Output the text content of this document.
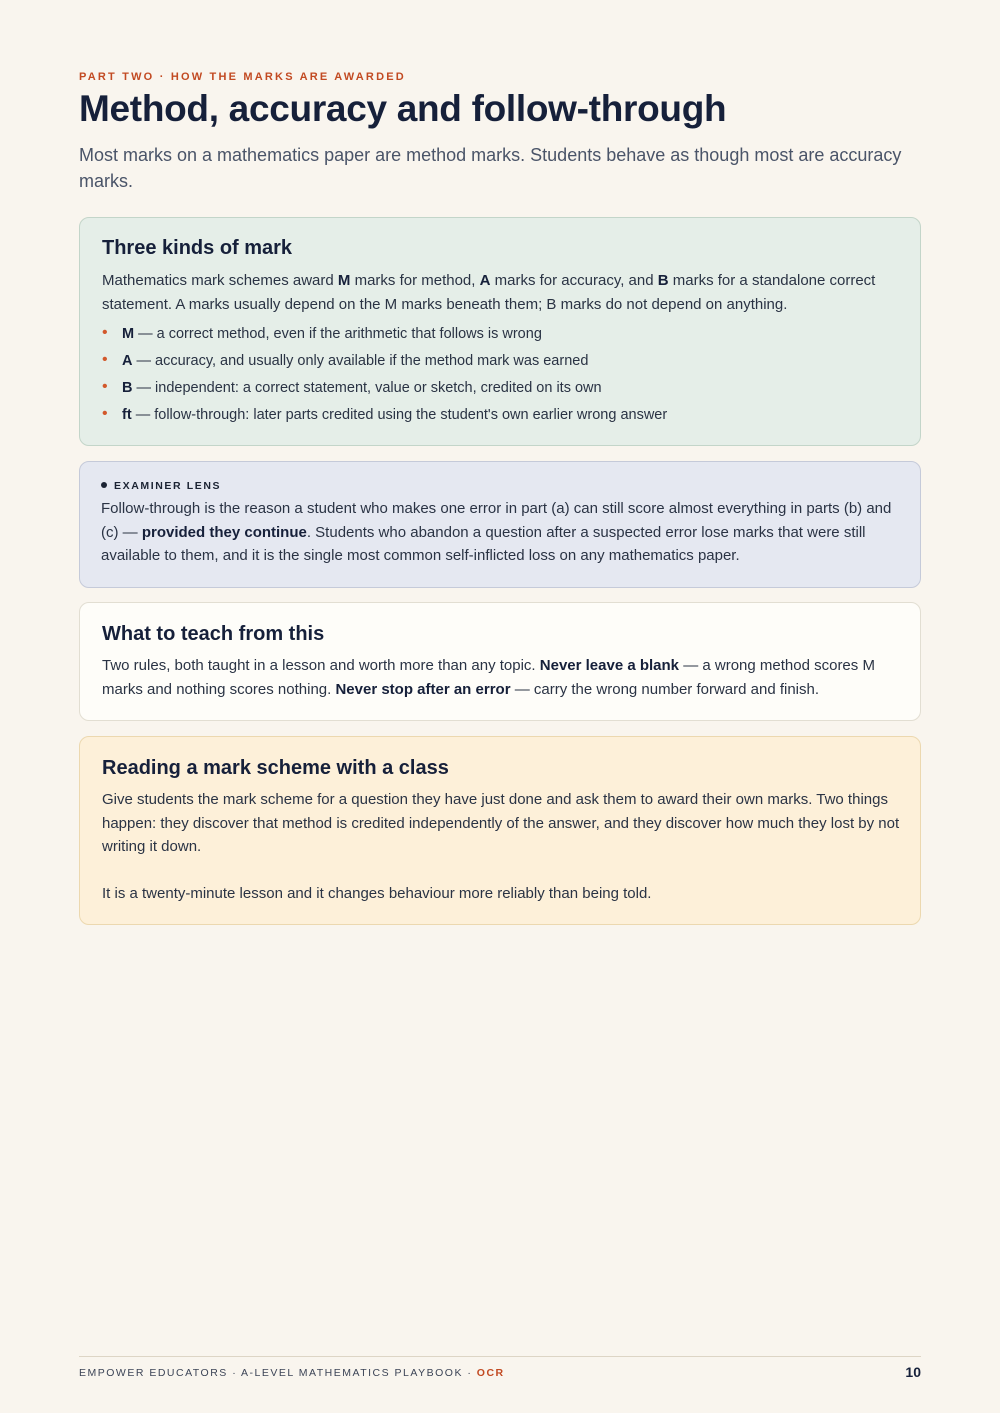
PART TWO · HOW THE MARKS ARE AWARDED
Method, accuracy and follow-through

Most marks on a mathematics paper are method marks. Students behave as though most are accuracy marks.

Three kinds of mark

Mathematics mark schemes award M marks for method, A marks for accuracy, and B marks for a standalone correct statement. A marks usually depend on the M marks beneath them; B marks do not depend on anything.

• M — a correct method, even if the arithmetic that follows is wrong
• A — accuracy, and usually only available if the method mark was earned
• B — independent: a correct statement, value or sketch, credited on its own
• ft — follow-through: later parts credited using the student's own earlier wrong answer
EXAMINER LENS

Follow-through is the reason a student who makes one error in part (a) can still score almost everything in parts (b) and (c) — provided they continue. Students who abandon a question after a suspected error lose marks that were still available to them, and it is the single most common self-inflicted loss on any mathematics paper.

What to teach from this

Two rules, both taught in a lesson and worth more than any topic. Never leave a blank — a wrong method scores M marks and nothing scores nothing. Never stop after an error — carry the wrong number forward and finish.

Reading a mark scheme with a class

Give students the mark scheme for a question they have just done and ask them to award their own marks. Two things happen: they discover that method is credited independently of the answer, and they discover how much they lost by not writing it down.

It is a twenty-minute lesson and it changes behaviour more reliably than being told.

EMPOWER EDUCATORS · A-LEVEL MATHEMATICS PLAYBOOK · OCR	10
